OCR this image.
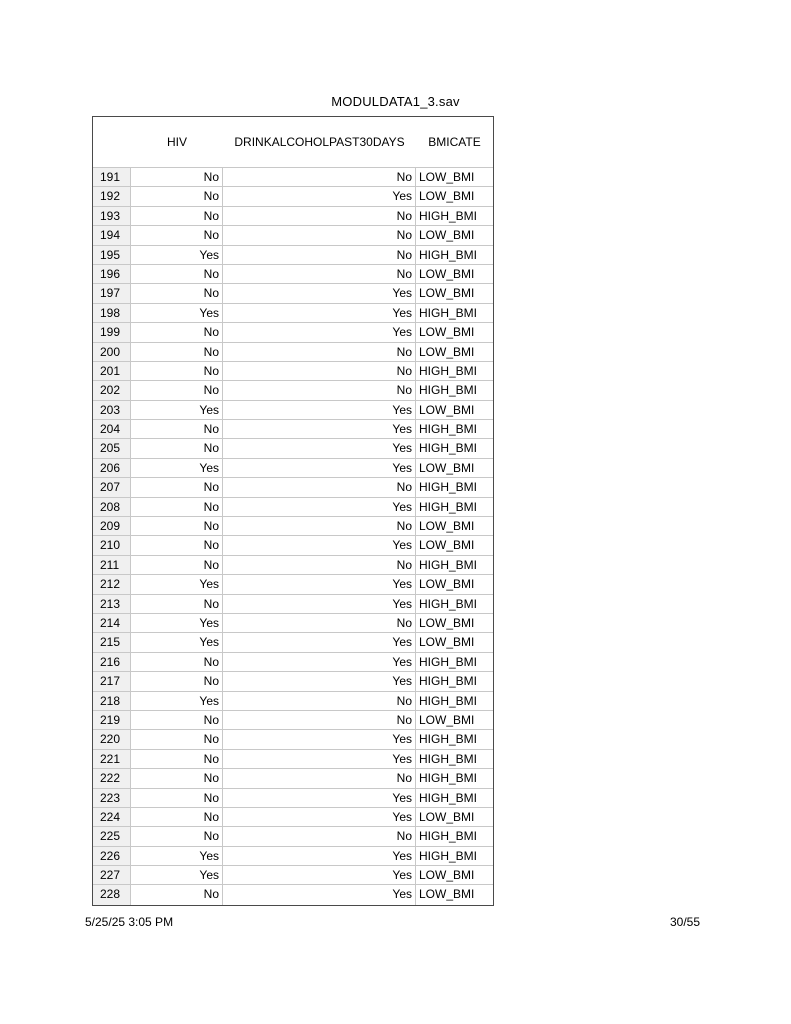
MODULDATA1_3.sav
HIV	DRINKALCOHOLPAST30DAYS	BMICATE
191	No	No LOW_BMI
192	No	Yes LOW_BMI
193	No	No HIGH_BMI
194	No	No LOW_BMI
195	Yes	No HIGH_BMI
196	No	No LOW_BMI
197	No	Yes LOW_BMI
198	Yes	Yes HIGH_BMI
199	No	Yes LOW_BMI
200	No	No LOW_BMI
201	No	No HIGH_BMI
202	No	No HIGH_BMI
203	Yes	Yes LOW_BMI
204	No	Yes HIGH_BMI
205	No	Yes HIGH_BMI
206	Yes	Yes LOW_BMI
207	No	No HIGH_BMI
208	No	Yes HIGH_BMI
209	No	No LOW_BMI
210	No	Yes LOW_BMI
211	No	No HIGH_BMI
212	Yes	Yes LOW_BMI
213	No	Yes HIGH_BMI
214	Yes	No LOW_BMI
215	Yes	Yes LOW_BMI
216	No	Yes HIGH_BMI
217	No	Yes HIGH_BMI
218	Yes	No HIGH_BMI
219	No	No LOW_BMI
220	No	Yes HIGH_BMI
221	No	Yes HIGH_BMI
222	No	No HIGH_BMI
223	No	Yes HIGH_BMI
224	No	Yes LOW_BMI
225	No	No HIGH_BMI
226	Yes	Yes HIGH_BMI
227	Yes	Yes LOW_BMI
228	No	Yes LOW_BMI
5/25/25 3:05 PM	30/55
